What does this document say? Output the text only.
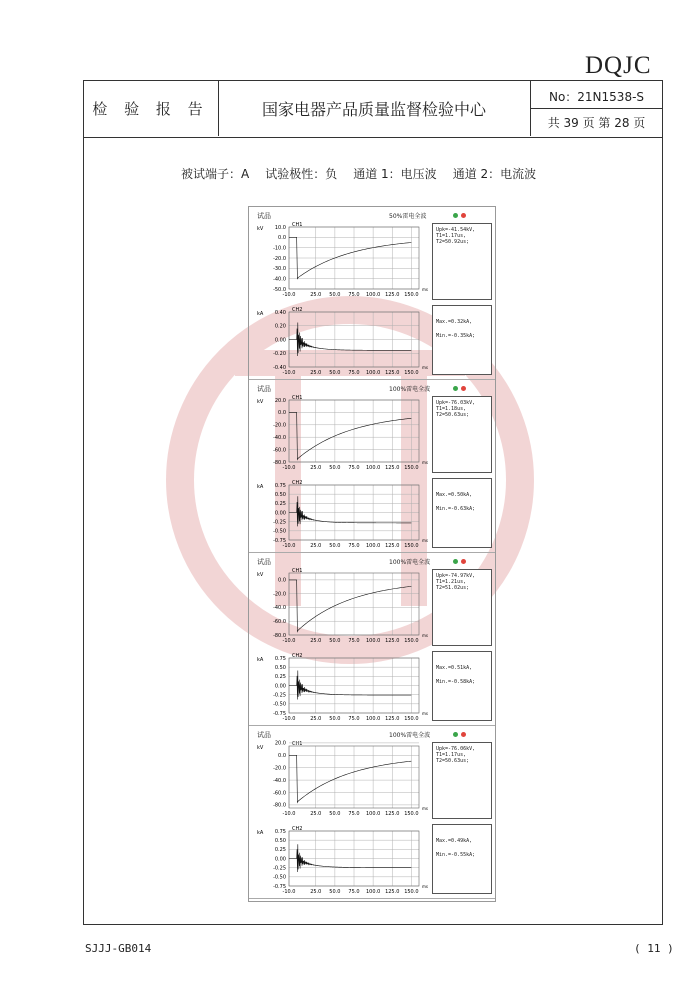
DQJC
检 验 报 告	国家电器产品质量监督检验中心
No：21N1538-S
共 39 页 第 28 页
被试端子：A 试验极性：负 通道 1：电压波 通道 2：电流波
试品	50%雷电全波
Upk=-41.54kV,
T1=1.17us,
T2=50.92us;
Max.=0.32kA,
Min.=-0.35kA;
kV
CH1
-10.0	25.0 50.0 75.0 100.0 125.0 150.0
ms
10.0
0.0
-10.0
-20.0
-30.0
-40.0
-50.0
kA
CH2
-10.0	25.0 50.0 75.0 100.0 125.0 150.0
ms
0.40
0.20
0.00
-0.20
-0.40
试品	100%雷电全波
Upk=-76.03kV,
T1=1.18us,
T2=50.63us;
Max.=0.50kA,
Min.=-0.63kA;
kV
CH1
-10.0	25.0 50.0 75.0 100.0 125.0 150.0
ms
20.0
0.0
-20.0
-40.0
-60.0
-80.0
kA
CH2
-10.0	25.0 50.0 75.0 100.0 125.0 150.0
ms
0.75
0.50
0.25
0.00
-0.25
-0.50
-0.75
试品	100%雷电全波
Upk=-74.97kV,
T1=1.21us,
T2=51.02us;
Max.=0.51kA,
Min.=-0.58kA;
kV
CH1
-10.0	25.0 50.0 75.0 100.0 125.0 150.0
ms
0.0
-20.0
-40.0
-60.0
-80.0
kA
CH2
-10.0	25.0 50.0 75.0 100.0 125.0 150.0
ms
0.75
0.50
0.25
0.00
-0.25
-0.50
-0.75
试品	100%雷电全波
Upk=-76.06kV,
T1=1.17us,
T2=50.63us;
Max.=0.49kA,
Min.=-0.55kA;
kV
CH1
-10.0	25.0 50.0 75.0 100.0 125.0 150.0
ms
20.0
0.0
-20.0
-40.0
-60.0
-80.0
kA
CH2
-10.0	25.0 50.0 75.0 100.0 125.0 150.0
ms
0.75
0.50
0.25
0.00
-0.25
-0.50
-0.75
SJJJ-GB014	( 11 )
